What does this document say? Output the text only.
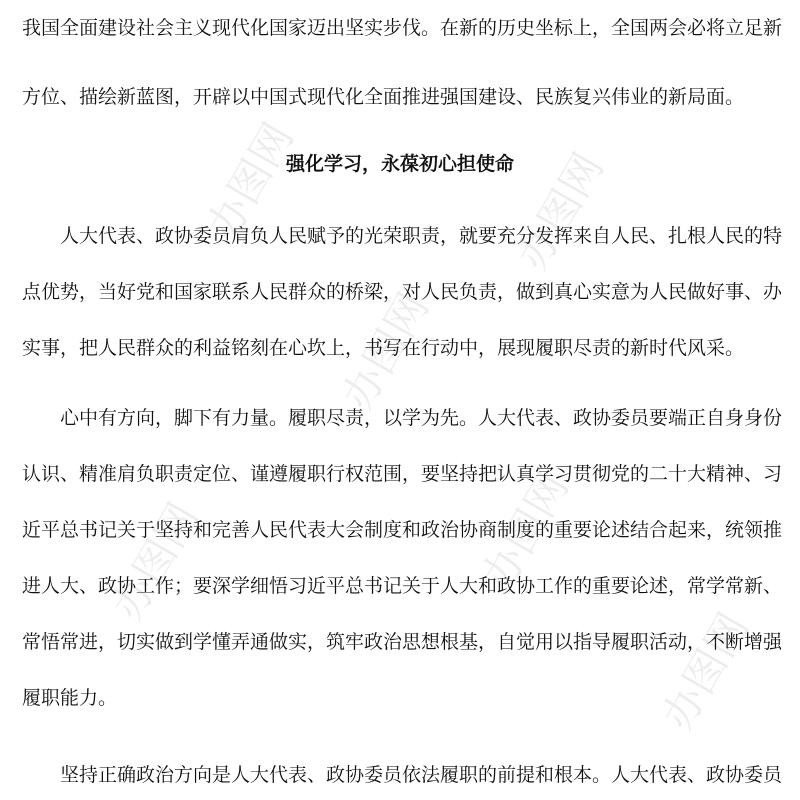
办图网	办图网
办图网
办图网	办图网
办图网
我国全面建设社会主义现代化国家迈出坚实步伐。在新的历史坐标上，全国两会必将立足新
方位、描绘新蓝图，开辟以中国式现代化全面推进强国建设、民族复兴伟业的新局面。
强化学习，永葆初心担使命
人大代表、政协委员肩负人民赋予的光荣职责，就要充分发挥来自人民、扎根人民的特
点优势，当好党和国家联系人民群众的桥梁，对人民负责，做到真心实意为人民做好事、办
实事，把人民群众的利益铭刻在心坎上，书写在行动中，展现履职尽责的新时代风采。
心中有方向，脚下有力量。履职尽责，以学为先。人大代表、政协委员要端正自身身份
认识、精准肩负职责定位、谨遵履职行权范围，要坚持把认真学习贯彻党的二十大精神、习
近平总书记关于坚持和完善人民代表大会制度和政治协商制度的重要论述结合起来，统领推
进人大、政协工作；要深学细悟习近平总书记关于人大和政协工作的重要论述，常学常新、
常悟常进，切实做到学懂弄通做实，筑牢政治思想根基，自觉用以指导履职活动，不断增强
履职能力。
坚持正确政治方向是人大代表、政协委员依法履职的前提和根本。人大代表、政协委员
